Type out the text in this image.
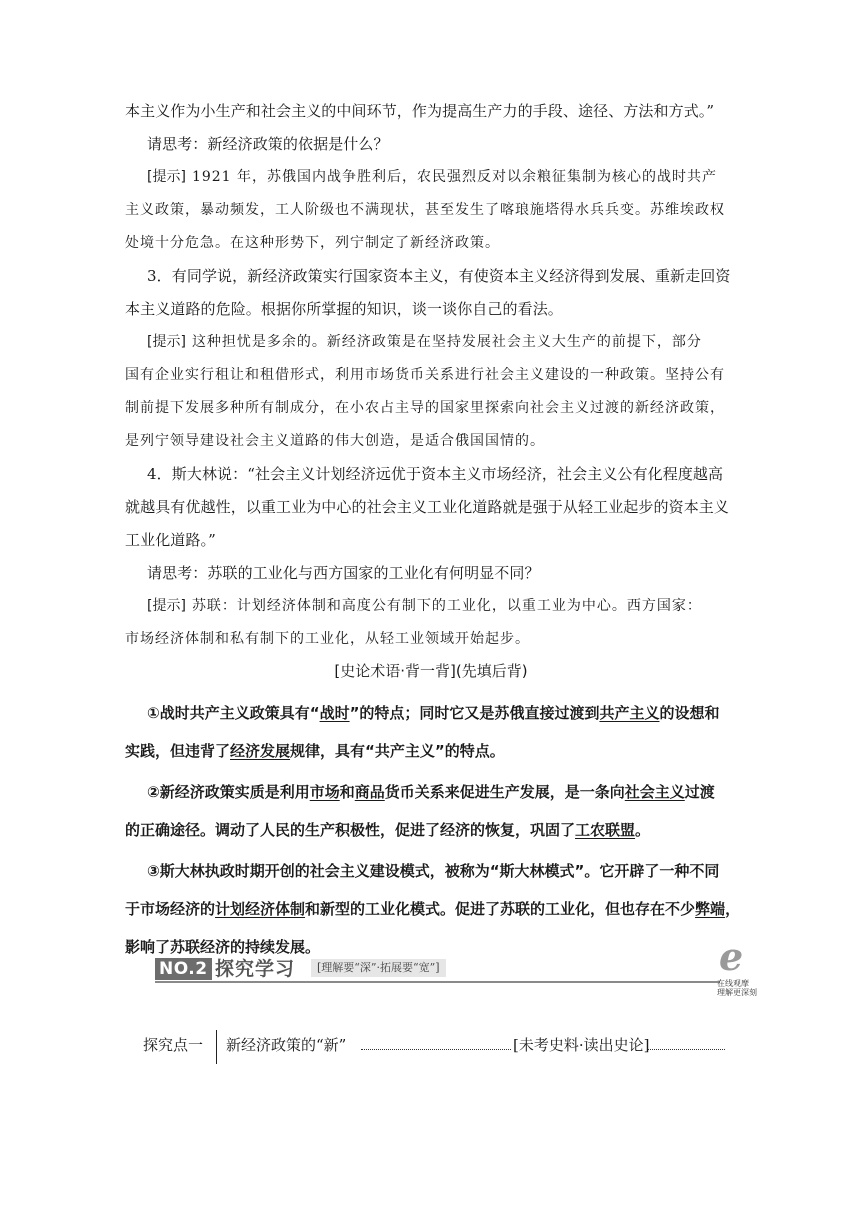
本主义作为小生产和社会主义的中间环节，作为提高生产力的手段、途径、方法和方式。”

请思考：新经济政策的依据是什么？

[提示] 1921 年，苏俄国内战争胜利后，农民强烈反对以余粮征集制为核心的战时共产

主义政策，暴动频发，工人阶级也不满现状，甚至发生了喀琅施塔得水兵兵变。苏维埃政权

处境十分危急。在这种形势下，列宁制定了新经济政策。

3．有同学说，新经济政策实行国家资本主义，有使资本主义经济得到发展、重新走回资

本主义道路的危险。根据你所掌握的知识，谈一谈你自己的看法。

[提示] 这种担忧是多余的。新经济政策是在坚持发展社会主义大生产的前提下，部分

国有企业实行租让和租借形式，利用市场货币关系进行社会主义建设的一种政策。坚持公有

制前提下发展多种所有制成分，在小农占主导的国家里探索向社会主义过渡的新经济政策，

是列宁领导建设社会主义道路的伟大创造，是适合俄国国情的。

4．斯大林说：“社会主义计划经济远优于资本主义市场经济，社会主义公有化程度越高

就越具有优越性，以重工业为中心的社会主义工业化道路就是强于从轻工业起步的资本主义

工业化道路。”

请思考：苏联的工业化与西方国家的工业化有何明显不同？

[提示] 苏联：计划经济体制和高度公有制下的工业化，以重工业为中心。西方国家：

市场经济体制和私有制下的工业化，从轻工业领域开始起步。

[史论术语·背一背](先填后背)

①战时共产主义政策具有“战时”的特点；同时它又是苏俄直接过渡到共产主义的设想和

实践，但违背了经济发展规律，具有“共产主义”的特点。

②新经济政策实质是利用市场和商品货币关系来促进生产发展，是一条向社会主义过渡

的正确途径。调动了人民的生产积极性，促进了经济的恢复，巩固了工农联盟。

③斯大林执政时期开创的社会主义建设模式，被称为“斯大林模式”。它开辟了一种不同

于市场经济的计划经济体制和新型的工业化模式。促进了苏联的工业化，但也存在不少弊端，

影响了苏联经济的持续发展。

NO.2 探究学习	[理解要“深”·拓展要“宽”]	e
在线观摩
理解更深刻
探究点一 新经济政策的“新”	[未考史料·读出史论]
